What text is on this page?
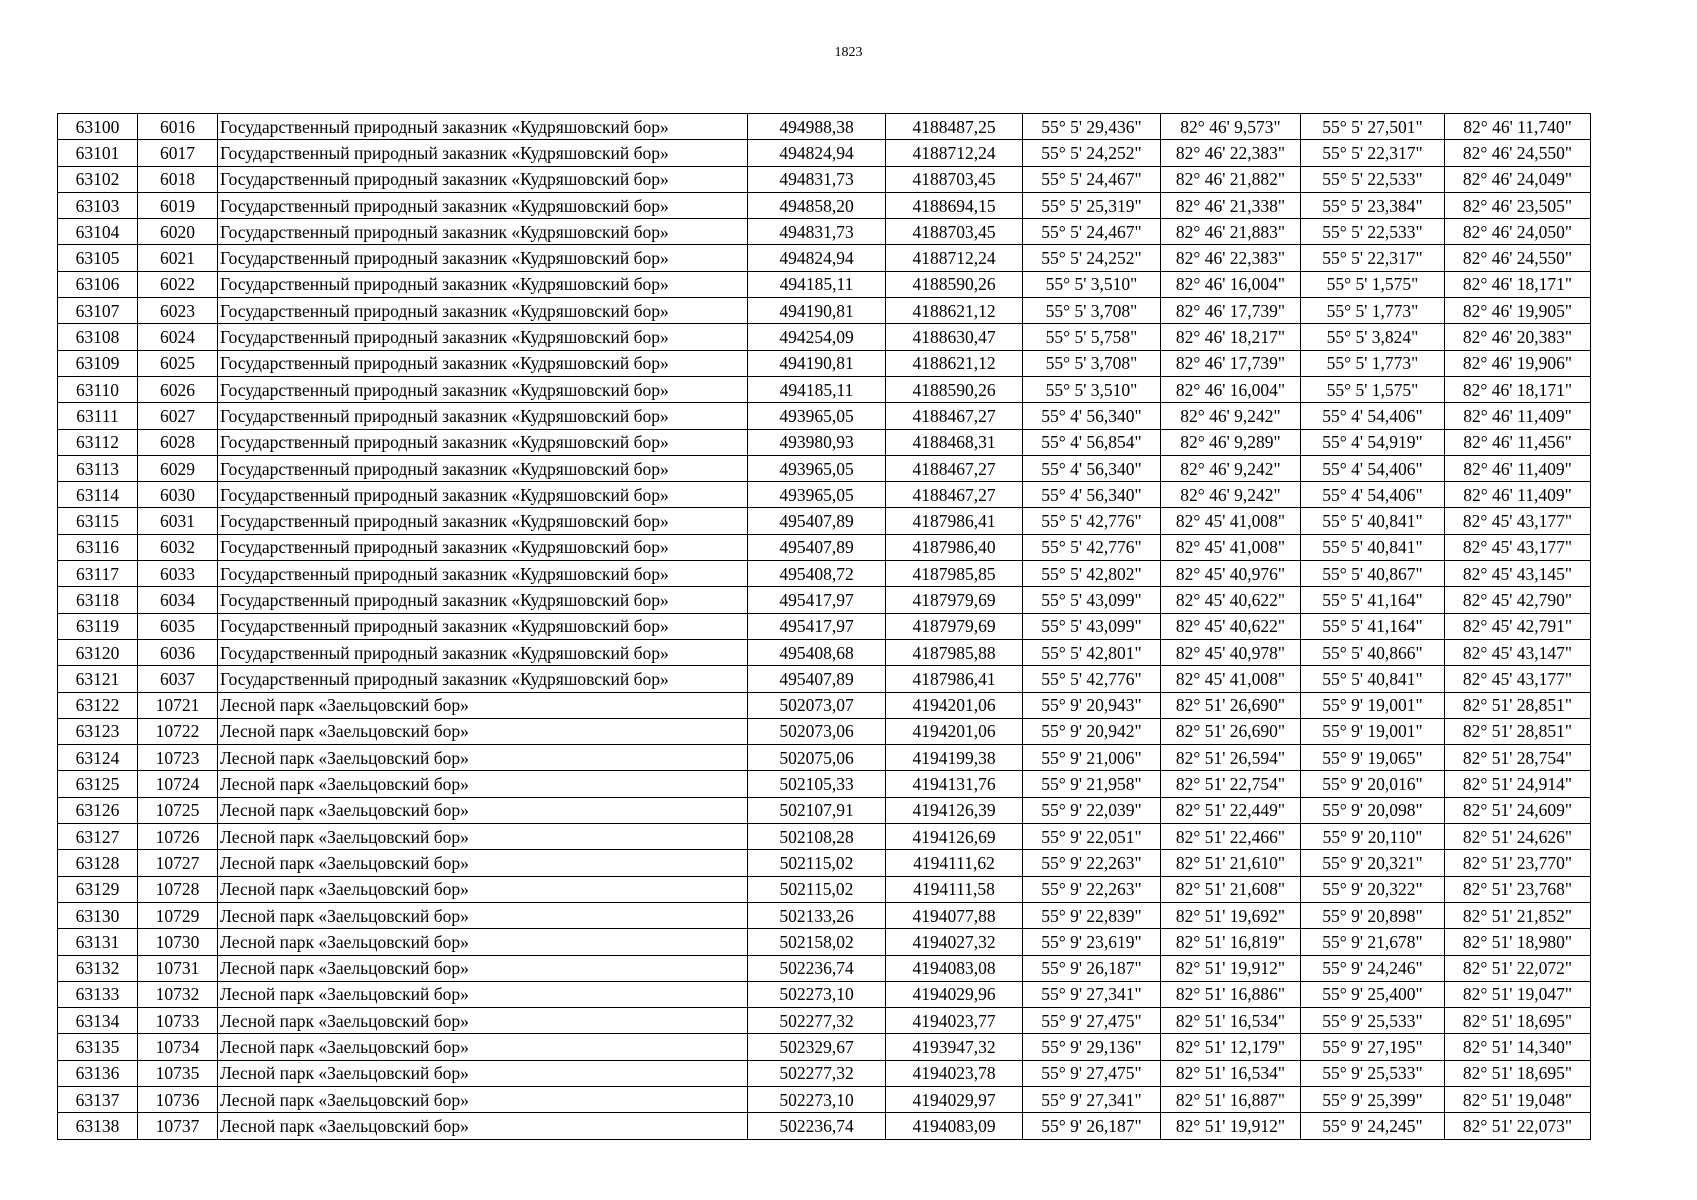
1823
63100	6016	Государственный природный заказник «Кудряшовский бор»	494988,38	4188487,25	55° 5' 29,436"	82° 46' 9,573"	55° 5' 27,501"	82° 46' 11,740"
63101	6017	Государственный природный заказник «Кудряшовский бор»	494824,94	4188712,24	55° 5' 24,252"	82° 46' 22,383"	55° 5' 22,317"	82° 46' 24,550"
63102	6018	Государственный природный заказник «Кудряшовский бор»	494831,73	4188703,45	55° 5' 24,467"	82° 46' 21,882"	55° 5' 22,533"	82° 46' 24,049"
63103	6019	Государственный природный заказник «Кудряшовский бор»	494858,20	4188694,15	55° 5' 25,319"	82° 46' 21,338"	55° 5' 23,384"	82° 46' 23,505"
63104	6020	Государственный природный заказник «Кудряшовский бор»	494831,73	4188703,45	55° 5' 24,467"	82° 46' 21,883"	55° 5' 22,533"	82° 46' 24,050"
63105	6021	Государственный природный заказник «Кудряшовский бор»	494824,94	4188712,24	55° 5' 24,252"	82° 46' 22,383"	55° 5' 22,317"	82° 46' 24,550"
63106	6022	Государственный природный заказник «Кудряшовский бор»	494185,11	4188590,26	55° 5' 3,510"	82° 46' 16,004"	55° 5' 1,575"	82° 46' 18,171"
63107	6023	Государственный природный заказник «Кудряшовский бор»	494190,81	4188621,12	55° 5' 3,708"	82° 46' 17,739"	55° 5' 1,773"	82° 46' 19,905"
63108	6024	Государственный природный заказник «Кудряшовский бор»	494254,09	4188630,47	55° 5' 5,758"	82° 46' 18,217"	55° 5' 3,824"	82° 46' 20,383"
63109	6025	Государственный природный заказник «Кудряшовский бор»	494190,81	4188621,12	55° 5' 3,708"	82° 46' 17,739"	55° 5' 1,773"	82° 46' 19,906"
63110	6026	Государственный природный заказник «Кудряшовский бор»	494185,11	4188590,26	55° 5' 3,510"	82° 46' 16,004"	55° 5' 1,575"	82° 46' 18,171"
63111	6027	Государственный природный заказник «Кудряшовский бор»	493965,05	4188467,27	55° 4' 56,340"	82° 46' 9,242"	55° 4' 54,406"	82° 46' 11,409"
63112	6028	Государственный природный заказник «Кудряшовский бор»	493980,93	4188468,31	55° 4' 56,854"	82° 46' 9,289"	55° 4' 54,919"	82° 46' 11,456"
63113	6029	Государственный природный заказник «Кудряшовский бор»	493965,05	4188467,27	55° 4' 56,340"	82° 46' 9,242"	55° 4' 54,406"	82° 46' 11,409"
63114	6030	Государственный природный заказник «Кудряшовский бор»	493965,05	4188467,27	55° 4' 56,340"	82° 46' 9,242"	55° 4' 54,406"	82° 46' 11,409"
63115	6031	Государственный природный заказник «Кудряшовский бор»	495407,89	4187986,41	55° 5' 42,776"	82° 45' 41,008"	55° 5' 40,841"	82° 45' 43,177"
63116	6032	Государственный природный заказник «Кудряшовский бор»	495407,89	4187986,40	55° 5' 42,776"	82° 45' 41,008"	55° 5' 40,841"	82° 45' 43,177"
63117	6033	Государственный природный заказник «Кудряшовский бор»	495408,72	4187985,85	55° 5' 42,802"	82° 45' 40,976"	55° 5' 40,867"	82° 45' 43,145"
63118	6034	Государственный природный заказник «Кудряшовский бор»	495417,97	4187979,69	55° 5' 43,099"	82° 45' 40,622"	55° 5' 41,164"	82° 45' 42,790"
63119	6035	Государственный природный заказник «Кудряшовский бор»	495417,97	4187979,69	55° 5' 43,099"	82° 45' 40,622"	55° 5' 41,164"	82° 45' 42,791"
63120	6036	Государственный природный заказник «Кудряшовский бор»	495408,68	4187985,88	55° 5' 42,801"	82° 45' 40,978"	55° 5' 40,866"	82° 45' 43,147"
63121	6037	Государственный природный заказник «Кудряшовский бор»	495407,89	4187986,41	55° 5' 42,776"	82° 45' 41,008"	55° 5' 40,841"	82° 45' 43,177"
63122	10721	Лесной парк «Заельцовский бор»	502073,07	4194201,06	55° 9' 20,943"	82° 51' 26,690"	55° 9' 19,001"	82° 51' 28,851"
63123	10722	Лесной парк «Заельцовский бор»	502073,06	4194201,06	55° 9' 20,942"	82° 51' 26,690"	55° 9' 19,001"	82° 51' 28,851"
63124	10723	Лесной парк «Заельцовский бор»	502075,06	4194199,38	55° 9' 21,006"	82° 51' 26,594"	55° 9' 19,065"	82° 51' 28,754"
63125	10724	Лесной парк «Заельцовский бор»	502105,33	4194131,76	55° 9' 21,958"	82° 51' 22,754"	55° 9' 20,016"	82° 51' 24,914"
63126	10725	Лесной парк «Заельцовский бор»	502107,91	4194126,39	55° 9' 22,039"	82° 51' 22,449"	55° 9' 20,098"	82° 51' 24,609"
63127	10726	Лесной парк «Заельцовский бор»	502108,28	4194126,69	55° 9' 22,051"	82° 51' 22,466"	55° 9' 20,110"	82° 51' 24,626"
63128	10727	Лесной парк «Заельцовский бор»	502115,02	4194111,62	55° 9' 22,263"	82° 51' 21,610"	55° 9' 20,321"	82° 51' 23,770"
63129	10728	Лесной парк «Заельцовский бор»	502115,02	4194111,58	55° 9' 22,263"	82° 51' 21,608"	55° 9' 20,322"	82° 51' 23,768"
63130	10729	Лесной парк «Заельцовский бор»	502133,26	4194077,88	55° 9' 22,839"	82° 51' 19,692"	55° 9' 20,898"	82° 51' 21,852"
63131	10730	Лесной парк «Заельцовский бор»	502158,02	4194027,32	55° 9' 23,619"	82° 51' 16,819"	55° 9' 21,678"	82° 51' 18,980"
63132	10731	Лесной парк «Заельцовский бор»	502236,74	4194083,08	55° 9' 26,187"	82° 51' 19,912"	55° 9' 24,246"	82° 51' 22,072"
63133	10732	Лесной парк «Заельцовский бор»	502273,10	4194029,96	55° 9' 27,341"	82° 51' 16,886"	55° 9' 25,400"	82° 51' 19,047"
63134	10733	Лесной парк «Заельцовский бор»	502277,32	4194023,77	55° 9' 27,475"	82° 51' 16,534"	55° 9' 25,533"	82° 51' 18,695"
63135	10734	Лесной парк «Заельцовский бор»	502329,67	4193947,32	55° 9' 29,136"	82° 51' 12,179"	55° 9' 27,195"	82° 51' 14,340"
63136	10735	Лесной парк «Заельцовский бор»	502277,32	4194023,78	55° 9' 27,475"	82° 51' 16,534"	55° 9' 25,533"	82° 51' 18,695"
63137	10736	Лесной парк «Заельцовский бор»	502273,10	4194029,97	55° 9' 27,341"	82° 51' 16,887"	55° 9' 25,399"	82° 51' 19,048"
63138	10737	Лесной парк «Заельцовский бор»	502236,74	4194083,09	55° 9' 26,187"	82° 51' 19,912"	55° 9' 24,245"	82° 51' 22,073"
